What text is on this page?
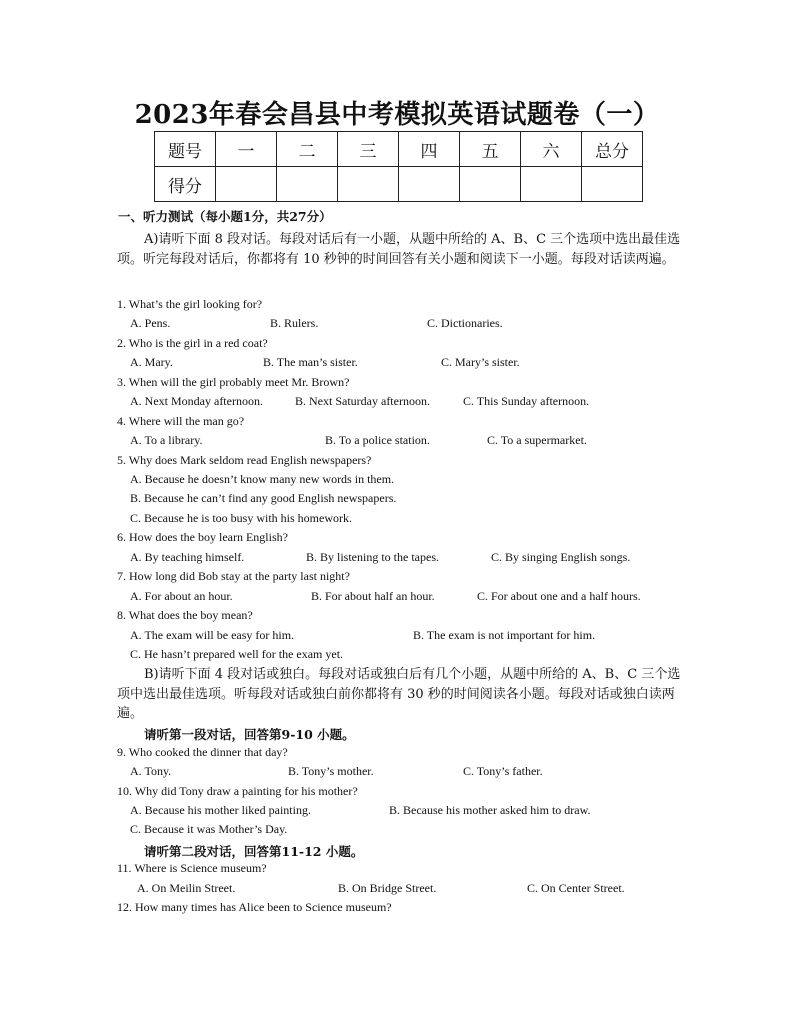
2023年春会昌县中考模拟英语试题卷（一）
题号	一	二	三	四	五	六	总分
得分							
一、听力测试（每小题1分，共27分）
A)请听下面 8 段对话。每段对话后有一小题，从题中所给的 A、B、C 三个选项中选出最佳选项。听完每段对话后，你都将有 10 秒钟的时间回答有关小题和阅读下一小题。每段对话读两遍。
1. What’s the girl looking for?
A. Pens.	B. Rulers.	C. Dictionaries.
2. Who is the girl in a red coat?
A. Mary.	B. The man’s sister.	C. Mary’s sister.
3. When will the girl probably meet Mr. Brown?
A. Next Monday afternoon.	B. Next Saturday afternoon.	C. This Sunday afternoon.
4. Where will the man go?
A. To a library.	B. To a police station.	C. To a supermarket.
5. Why does Mark seldom read English newspapers?
A. Because he doesn’t know many new words in them.
B. Because he can’t find any good English newspapers.
C. Because he is too busy with his homework.
6. How does the boy learn English?
A. By teaching himself.	B. By listening to the tapes.	C. By singing English songs.
7. How long did Bob stay at the party last night?
A. For about an hour.	B. For about half an hour.	C. For about one and a half hours.
8. What does the boy mean?
A. The exam will be easy for him.	B. The exam is not important for him.
C. He hasn’t prepared well for the exam yet.
B)请听下面 4 段对话或独白。每段对话或独白后有几个小题，从题中所给的 A、B、C 三个选项中选出最佳选项。听每段对话或独白前你都将有 30 秒的时间阅读各小题。每段对话或独白读两遍。
请听第一段对话，回答第9-10 小题。
9. Who cooked the dinner that day?
A. Tony.	B. Tony’s mother.	C. Tony’s father.
10. Why did Tony draw a painting for his mother?
A. Because his mother liked painting.	B. Because his mother asked him to draw.
C. Because it was Mother’s Day.
请听第二段对话，回答第11-12 小题。
11. Where is Science museum?
A. On Meilin Street.	B. On Bridge Street.	C. On Center Street.
12. How many times has Alice been to Science museum?
